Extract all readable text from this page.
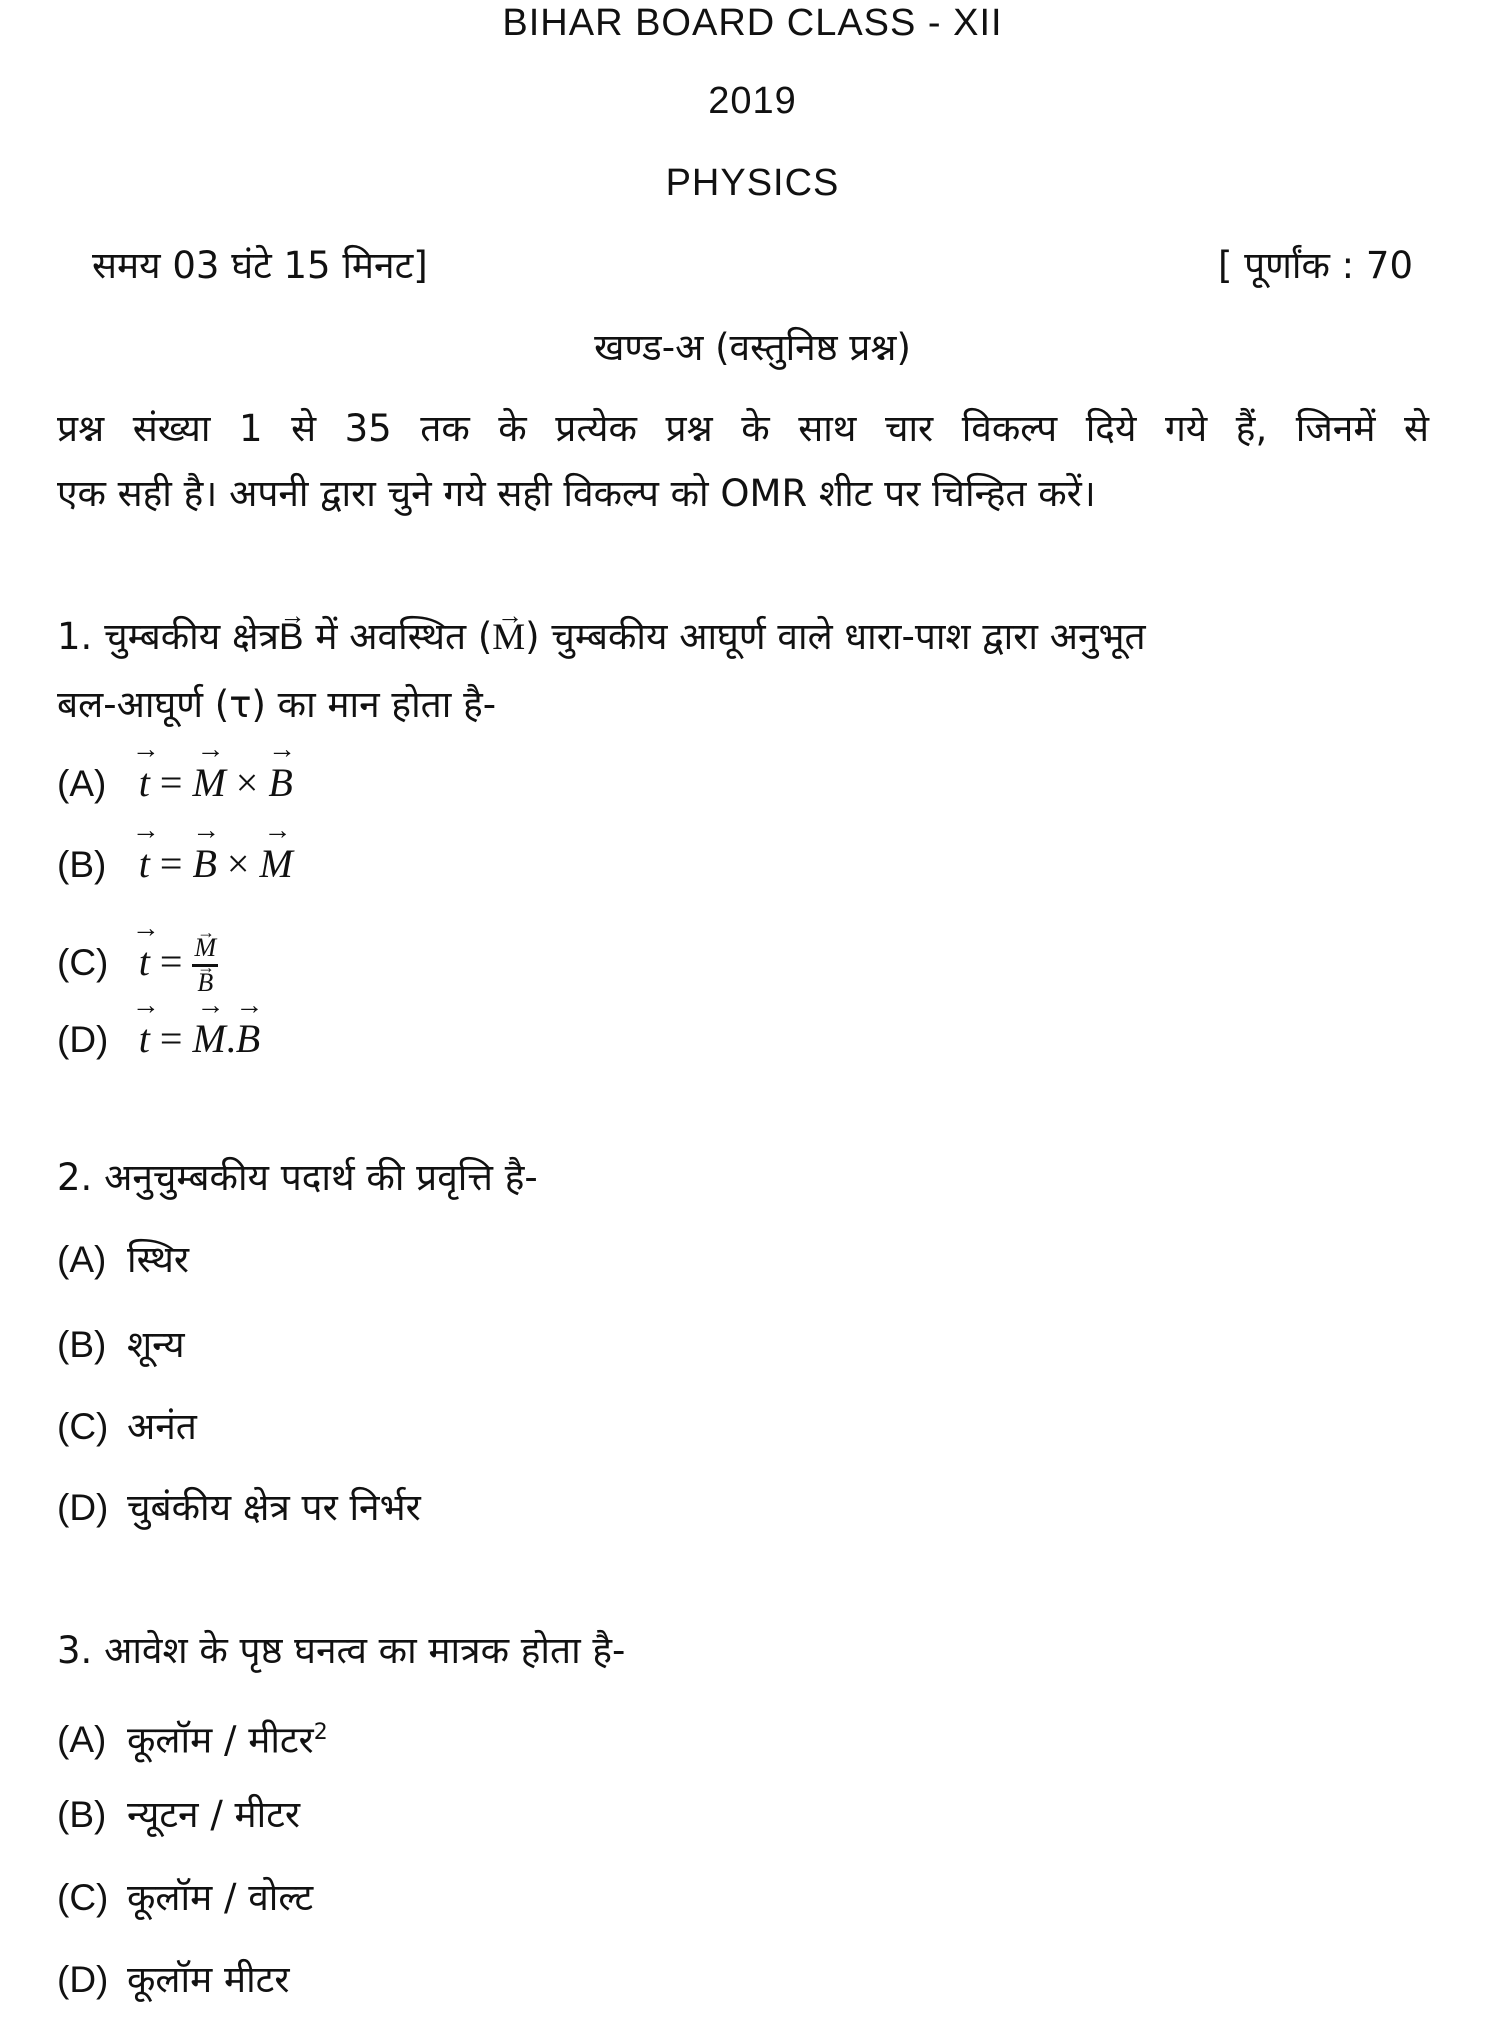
BIHAR BOARD CLASS - XII
2019
PHYSICS
समय 03 घंटे 15 मिनट]	[ पूर्णांक : 70
खण्ड-अ (वस्तुनिष्ठ प्रश्न)
प्रश्न संख्या 1 से 35 तक के प्रत्येक प्रश्न के साथ चार विकल्प दिये गये हैं, जिनमें से
एक सही है। अपनी द्वारा चुने गये सही विकल्प को OMR शीट पर चिन्हित करें।
1. चुम्बकीय क्षेत्र→ B में अवस्थित (→ M) चुम्बकीय आघूर्ण वाले धारा-पाश द्वारा अनुभूत
बल-आघूर्ण (τ) का मान होता है-
(A) → t = → M × → B
(B) → t = → B × → M
(C) → t = → M
→ B
(D) → t = → M.→ B
2. अनुचुम्बकीय पदार्थ की प्रवृत्ति है-
(A) स्थिर
(B) शून्य
(C) अनंत
(D) चुबंकीय क्षेत्र पर निर्भर
3. आवेश के पृष्ठ घनत्व का मात्रक होता है-
(A) कूलॉम / मीटर$^2$
(B) न्यूटन / मीटर
(C) कूलॉम / वोल्ट
(D) कूलॉम मीटर
